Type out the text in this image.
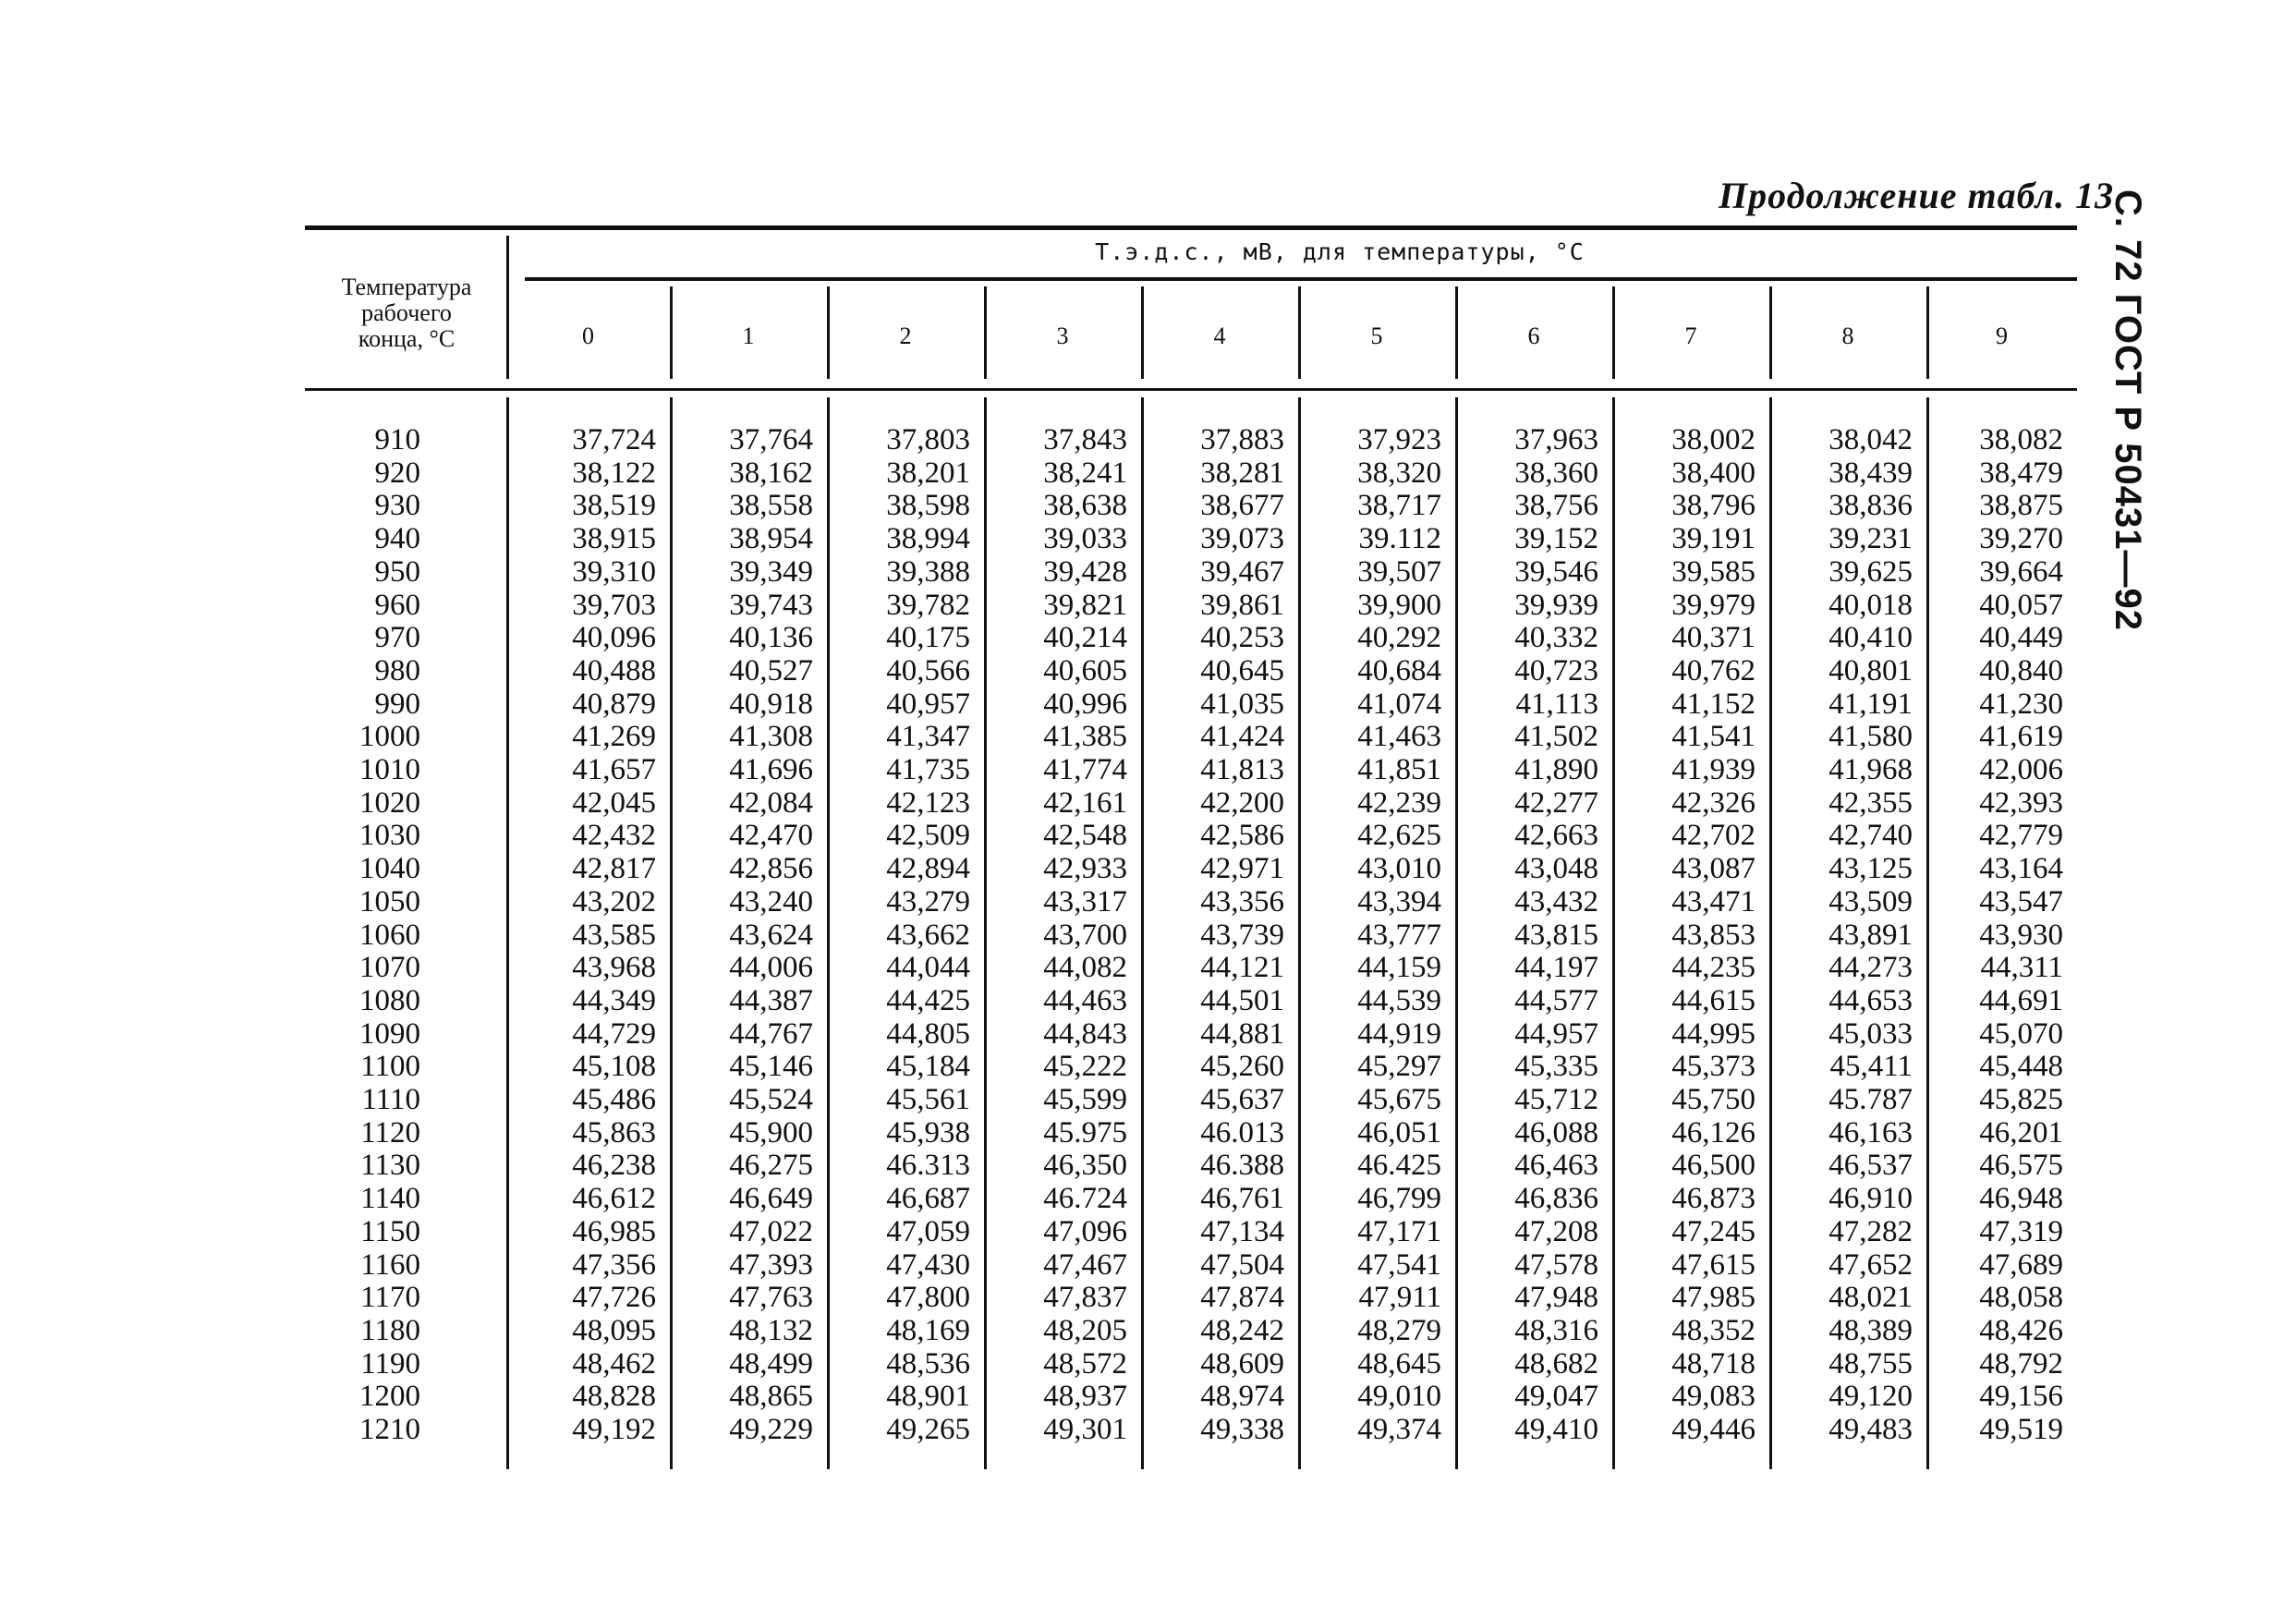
Продолжение табл. 13
С. 72 ГОСТ Р 50431—92
Температура
рабочего
конца, °С
Т.э.д.с., мВ, для температуры, °С
0	1	2	3	4	5	6	7	8	9
910	37,724	37,764	37,803	37,843	37,883	37,923	37,963	38,002	38,042	38,082
920	38,122	38,162	38,201	38,241	38,281	38,320	38,360	38,400	38,439	38,479
930	38,519	38,558	38,598	38,638	38,677	38,717	38,756	38,796	38,836	38,875
940	38,915	38,954	38,994	39,033	39,073	39.112	39,152	39,191	39,231	39,270
950	39,310	39,349	39,388	39,428	39,467	39,507	39,546	39,585	39,625	39,664
960	39,703	39,743	39,782	39,821	39,861	39,900	39,939	39,979	40,018	40,057
970	40,096	40,136	40,175	40,214	40,253	40,292	40,332	40,371	40,410	40,449
980	40,488	40,527	40,566	40,605	40,645	40,684	40,723	40,762	40,801	40,840
990	40,879	40,918	40,957	40,996	41,035	41,074	41,113	41,152	41,191	41,230
1000	41,269	41,308	41,347	41,385	41,424	41,463	41,502	41,541	41,580	41,619
1010	41,657	41,696	41,735	41,774	41,813	41,851	41,890	41,939	41,968	42,006
1020	42,045	42,084	42,123	42,161	42,200	42,239	42,277	42,326	42,355	42,393
1030	42,432	42,470	42,509	42,548	42,586	42,625	42,663	42,702	42,740	42,779
1040	42,817	42,856	42,894	42,933	42,971	43,010	43,048	43,087	43,125	43,164
1050	43,202	43,240	43,279	43,317	43,356	43,394	43,432	43,471	43,509	43,547
1060	43,585	43,624	43,662	43,700	43,739	43,777	43,815	43,853	43,891	43,930
1070	43,968	44,006	44,044	44,082	44,121	44,159	44,197	44,235	44,273	44,311
1080	44,349	44,387	44,425	44,463	44,501	44,539	44,577	44,615	44,653	44,691
1090	44,729	44,767	44,805	44,843	44,881	44,919	44,957	44,995	45,033	45,070
1100	45,108	45,146	45,184	45,222	45,260	45,297	45,335	45,373	45,411	45,448
1110	45,486	45,524	45,561	45,599	45,637	45,675	45,712	45,750	45.787	45,825
1120	45,863	45,900	45,938	45.975	46.013	46,051	46,088	46,126	46,163	46,201
1130	46,238	46,275	46.313	46,350	46.388	46.425	46,463	46,500	46,537	46,575
1140	46,612	46,649	46,687	46.724	46,761	46,799	46,836	46,873	46,910	46,948
1150	46,985	47,022	47,059	47,096	47,134	47,171	47,208	47,245	47,282	47,319
1160	47,356	47,393	47,430	47,467	47,504	47,541	47,578	47,615	47,652	47,689
1170	47,726	47,763	47,800	47,837	47,874	47,911	47,948	47,985	48,021	48,058
1180	48,095	48,132	48,169	48,205	48,242	48,279	48,316	48,352	48,389	48,426
1190	48,462	48,499	48,536	48,572	48,609	48,645	48,682	48,718	48,755	48,792
1200	48,828	48,865	48,901	48,937	48,974	49,010	49,047	49,083	49,120	49,156
1210	49,192	49,229	49,265	49,301	49,338	49,374	49,410	49,446	49,483	49,519
